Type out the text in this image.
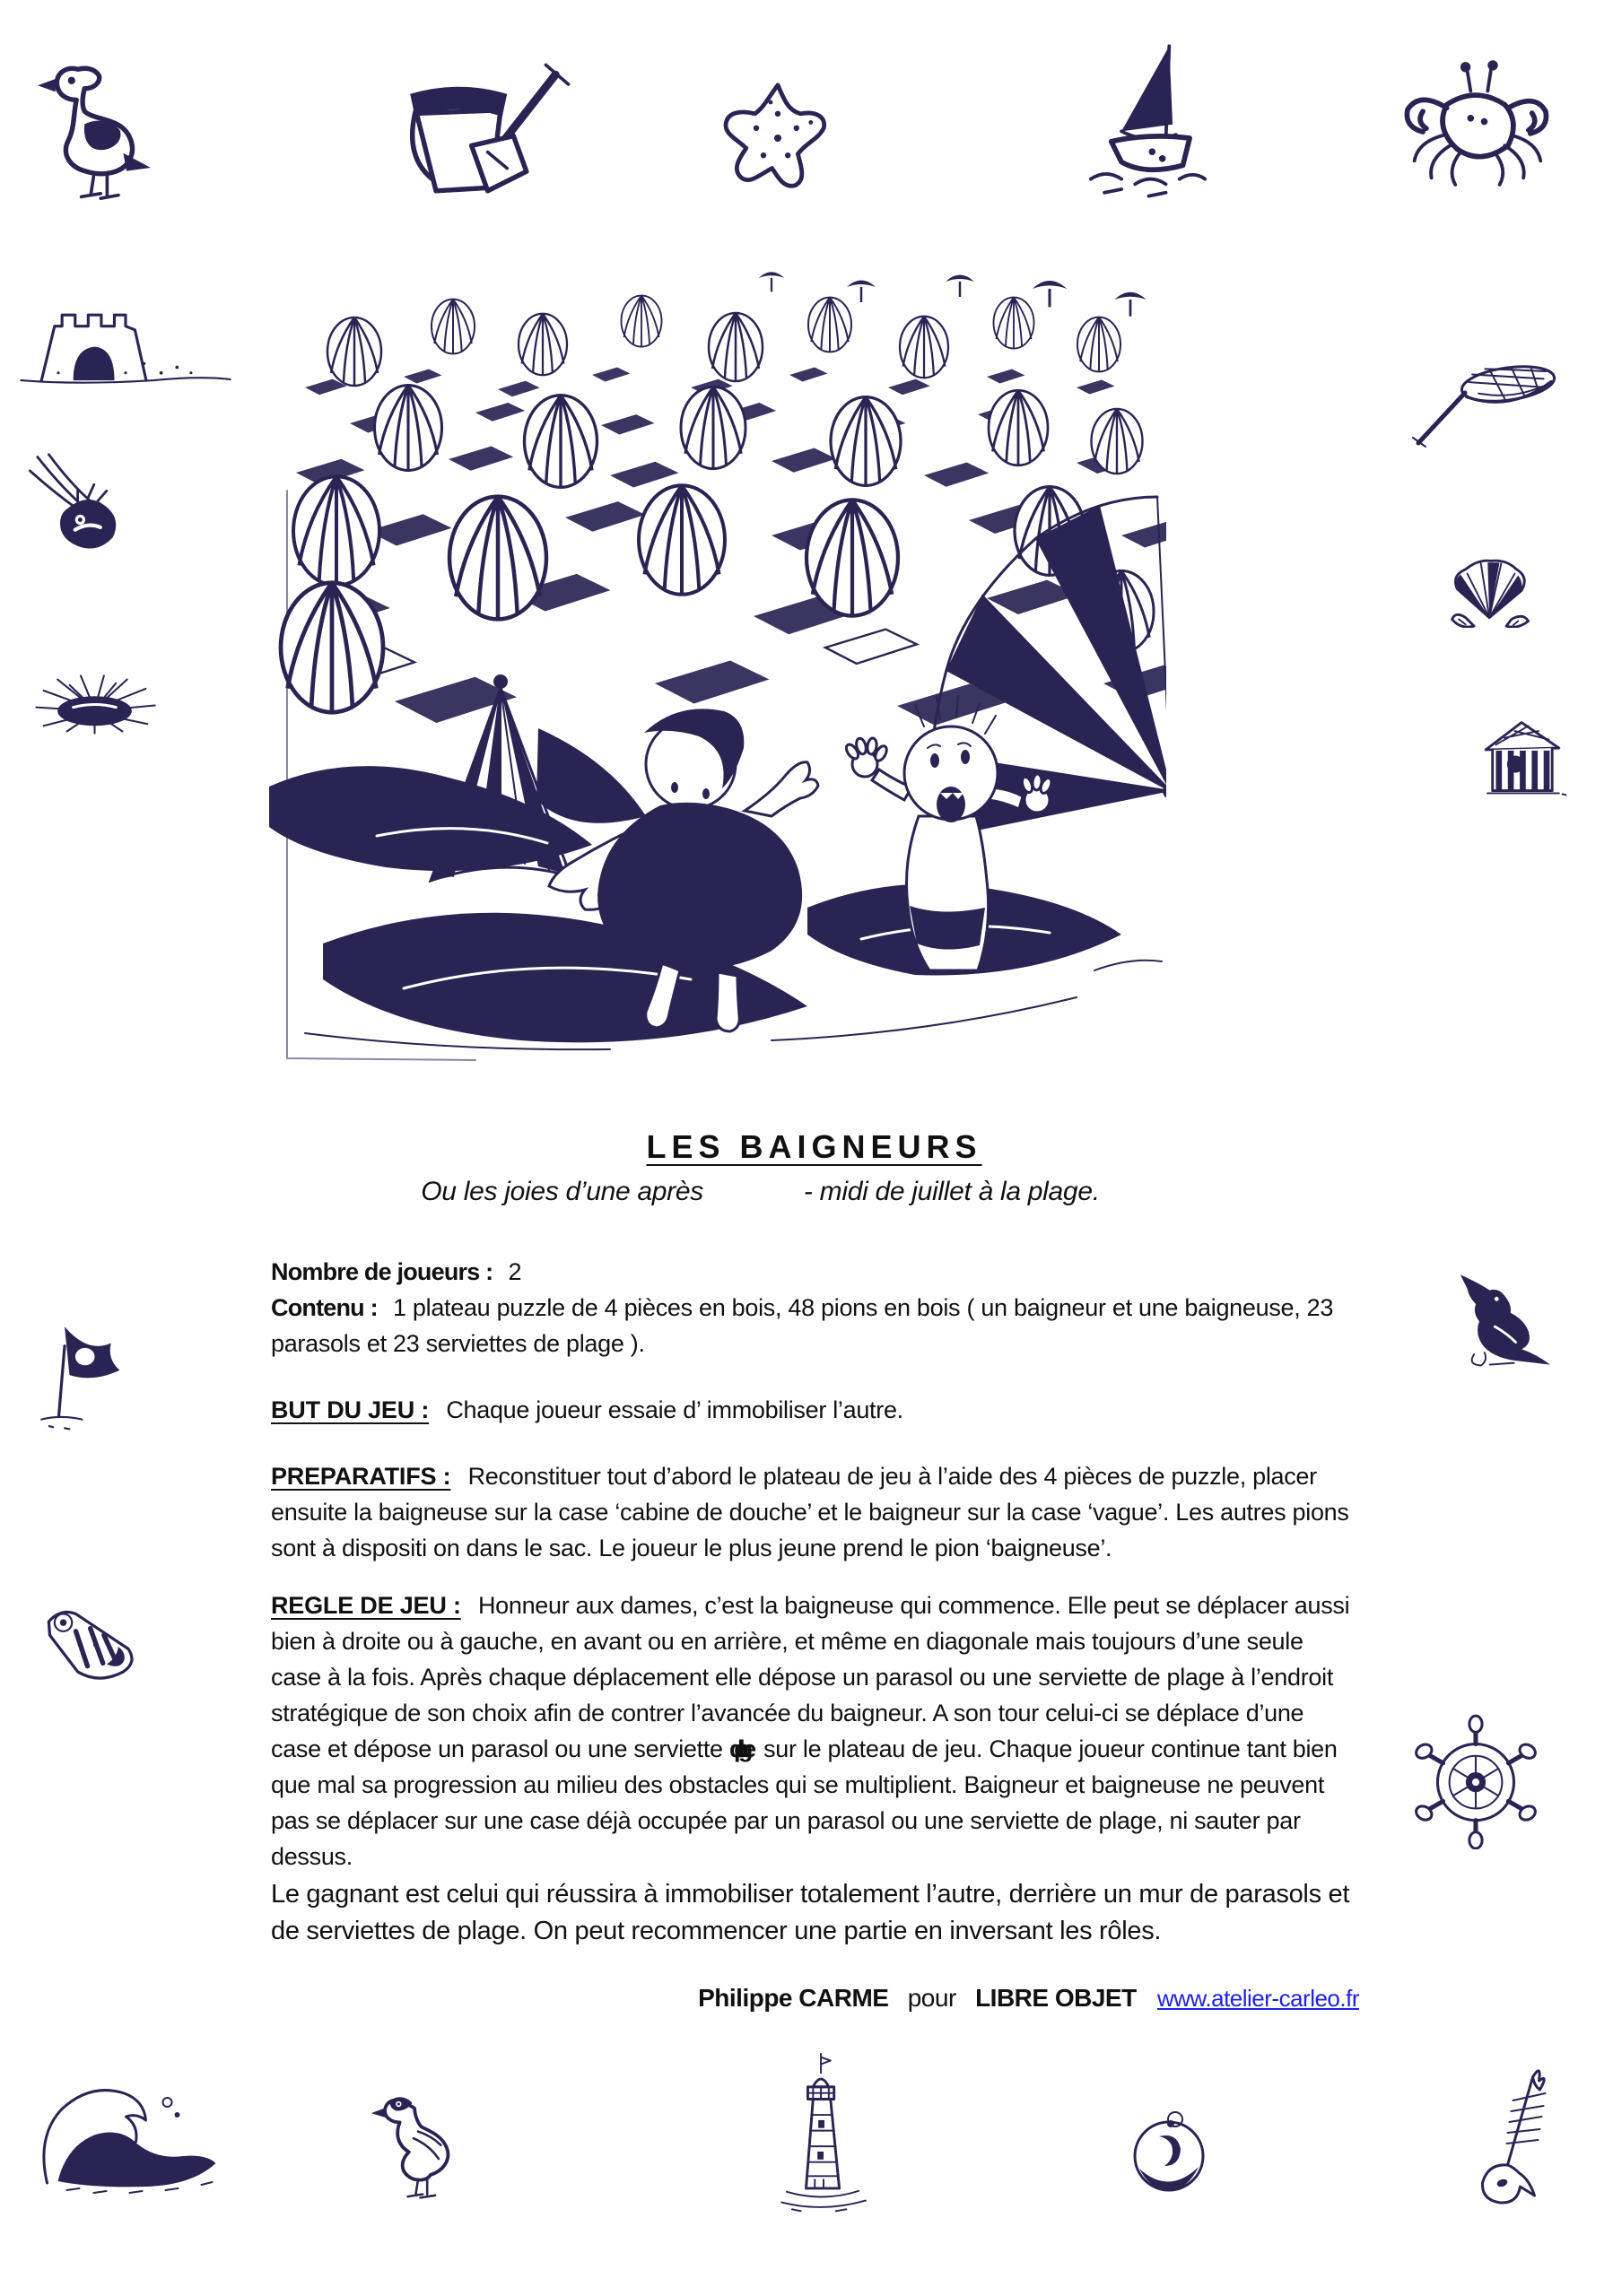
LES BAIGNEURS
Ou les joies d’une après	- midi de juillet à la plage.

Nombre de joueurs : 2

Contenu : 1 plateau puzzle de 4 pièces en bois, 48 pions en bois ( un baigneur et une baigneuse, 23 parasols et 23 serviettes de plage ).

BUT DU JEU : Chaque joueur essaie d’ immobiliser l’autre.

PREPARATIFS : Reconstituer tout d’abord le plateau de jeu à l’aide des 4 pièces de puzzle, placer ensuite la baigneuse sur la case ‘cabine de douche’ et le baigneur sur la case ‘vague’. Les autres pions sont à dispositi on dans le sac. Le joueur le plus jeune prend le pion ‘baigneuse’.

REGLE DE JEU : Honneur aux dames, c’est la baigneuse qui commence. Elle peut se déplacer aussi bien à droite ou à gauche, en avant ou en arrière, et même en diagonale mais toujours d’une seule case à la fois. Après chaque déplacement elle dépose un parasol ou une serviette de plage à l’endroit stratégique de son choix afin de contrer l’avancée du baigneur. A son tour celui-ci se déplace d’une case et dépose un parasol ou une serviette de plage sur le plateau de jeu. Chaque joueur continue tant bien que mal sa progression au milieu des obstacles qui se multiplient. Baigneur et baigneuse ne peuvent pas se déplacer sur une case déjà occupée par un parasol ou une serviette de plage, ni sauter par dessus.

Le gagnant est celui qui réussira à immobiliser totalement l’autre, derrière un mur de parasols et de serviettes de plage. On peut recommencer une partie en inversant les rôles.

Philippe CARME pour LIBRE OBJET www.atelier-carleo.fr
